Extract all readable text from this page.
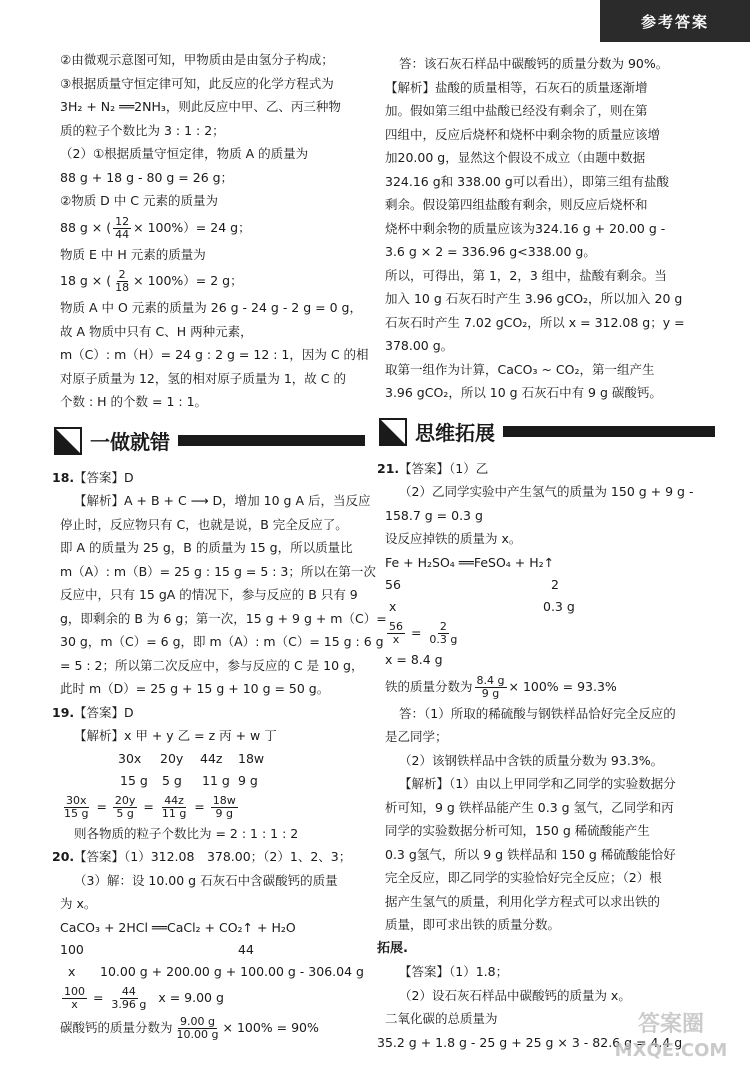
参考答案
②由微观示意图可知，甲物质由是由氢分子构成；
③根据质量守恒定律可知，此反应的化学方程式为
3H₂ + N₂ ══2NH₃，则此反应中甲、乙、丙三种物
质的粒子个数比为 3 : 1 : 2；
（2）①根据质量守恒定律，物质 A 的质量为
88 g + 18 g - 80 g = 26 g；
②物质 D 中 C 元素的质量为
88 g × ( $\frac{12}{44} \times 100\%)= 24$ g；
物质 E 中 H 元素的质量为
18 g × ( $\frac{2}{18} \times 100\%)= 2$ g；
物质 A 中 O 元素的质量为 26 g - 24 g - 2 g = 0 g，
故 A 物质中只有 C、H 两种元素，
m（C）: m（H）= 24 g : 2 g = 12 : 1，因为 C 的相
对原子质量为 12，氢的相对原子质量为 1，故 C 的
个数 : H 的个数 = 1 : 1。
一做就错
18.【答案】D
【解析】A + B + C ⟶ D，增加 10 g A 后，当反应
停止时，反应物只有 C，也就是说，B 完全反应了。
即 A 的质量为 25 g，B 的质量为 15 g，所以质量比
m（A）: m（B）= 25 g : 15 g = 5 : 3；所以在第一次
反应中，只有 15 gA 的情况下，参与反应的 B 只有 9
g，即剩余的 B 为 6 g；第一次，15 g + 9 g + m（C）=
30 g，m（C）= 6 g，即 m（A）: m（C）= 15 g : 6 g
= 5 : 2；所以第二次反应中，参与反应的 C 是 10 g，
此时 m（D）= 25 g + 15 g + 10 g = 50 g。
19.【答案】D
【解析】x 甲 + y 乙 = z 丙 + w 丁
30x 20y 44z 18w
15 g 5 g 11 g 9 g
$\frac{30x}{15 g} = \frac{20y}{5 g} = \frac{44z}{11 g} = \frac{18w}{9 g}$
则各物质的粒子个数比为 = 2 : 1 : 1 : 2
20.【答案】（1）312.08　378.00；（2）1、2、3；
（3）解：设 10.00 g 石灰石中含碳酸钙的质量
为 x。
CaCO₃ + 2HCl ══CaCl₂ + CO₂↑ + H₂O
100	44
x 10.00 g + 200.00 g + 100.00 g - 306.04 g
$\frac{100}{x} = \frac{44}{3.96 g}$ x = 9.00 g
碳酸钙的质量分数为 $\frac{9.00 g}{10.00 g} \times 100\% = 90\%$
答：该石灰石样品中碳酸钙的质量分数为 90%。
【解析】盐酸的质量相等，石灰石的质量逐渐增
加。假如第三组中盐酸已经没有剩余了，则在第
四组中，反应后烧杯和烧杯中剩余物的质量应该增
加20.00 g，显然这个假设不成立（由题中数据
324.16 g和 338.00 g可以看出），即第三组有盐酸
剩余。假设第四组盐酸有剩余，则反应后烧杯和
烧杯中剩余物的质量应该为324.16 g + 20.00 g -
3.6 g × 2 = 336.96 g<338.00 g。
所以，可得出，第 1，2，3 组中，盐酸有剩余。当
加入 10 g 石灰石时产生 3.96 gCO₂，所以加入 20 g
石灰石时产生 7.02 gCO₂，所以 x = 312.08 g；y =
378.00 g。
取第一组作为计算，CaCO₃ ~ CO₂，第一组产生
3.96 gCO₂，所以 10 g 石灰石中有 9 g 碳酸钙。
思维拓展
21.【答案】（1）乙
（2）乙同学实验中产生氢气的质量为 150 g + 9 g -
158.7 g = 0.3 g
设反应掉铁的质量为 x。
Fe + H₂SO₄ ══FeSO₄ + H₂↑
56	2
x	0.3 g
$\frac{56}{x} = \frac{2}{0.3 g}$
x = 8.4 g
铁的质量分数为 $\frac{8.4 g}{9 g} \times 100\% = 93.3\%$
答：（1）所取的稀硫酸与钢铁样品恰好完全反应的
是乙同学；
（2）该钢铁样品中含铁的质量分数为 93.3%。
【解析】（1）由以上甲同学和乙同学的实验数据分
析可知，9 g 铁样品能产生 0.3 g 氢气，乙同学和丙
同学的实验数据分析可知，150 g 稀硫酸能产生
0.3 g氢气，所以 9 g 铁样品和 150 g 稀硫酸能恰好
完全反应，即乙同学的实验恰好完全反应；（2）根
据产生氢气的质量，利用化学方程式可以求出铁的
质量，即可求出铁的质量分数。
拓展.
【答案】（1）1.8；
（2）设石灰石样品中碳酸钙的质量为 x。
二氧化碳的总质量为
35.2 g + 1.8 g - 25 g + 25 g × 3 - 82.6 g = 4.4 g
答案圈
MXQE.COM
